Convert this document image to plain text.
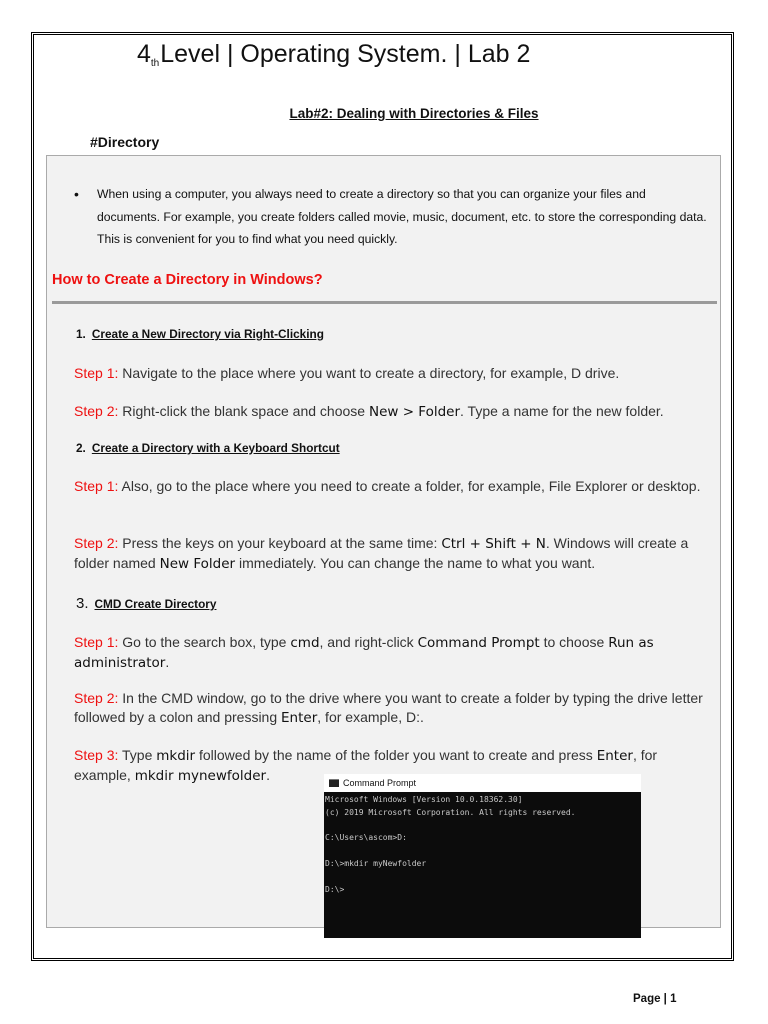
$4_{th}Level$ | Operating System. | Lab 2
Lab#2: Dealing with Directories & Files
#Directory
• When using a computer, you always need to create a directory so that you can organize your files and documents. For example, you create folders called movie, music, document, etc. to store the corresponding data. This is convenient for you to find what you need quickly.
How to Create a Directory in Windows?
1. Create a New Directory via Right-Clicking
Step 1: Navigate to the place where you want to create a directory, for example, D drive.
Step 2: Right-click the blank space and choose New > Folder. Type a name for the new folder.
2. Create a Directory with a Keyboard Shortcut
Step 1: Also, go to the place where you need to create a folder, for example, File Explorer or desktop.
Step 2: Press the keys on your keyboard at the same time: Ctrl + Shift + N. Windows will create a folder named New Folder immediately. You can change the name to what you want.
3. CMD Create Directory
Step 1: Go to the search box, type cmd, and right-click Command Prompt to choose Run as administrator.
Step 2: In the CMD window, go to the drive where you want to create a folder by typing the drive letter followed by a colon and pressing Enter, for example, D:.
Step 3: Type mkdir followed by the name of the folder you want to create and press Enter, for example, mkdir mynewfolder.	Command Prompt
Microsoft Windows [Version 10.0.18362.30]
(c) 2019 Microsoft Corporation. All rights reserved.

C:\Users\ascom>D:

D:\>mkdir myNewfolder

D:\>
Page | 1
